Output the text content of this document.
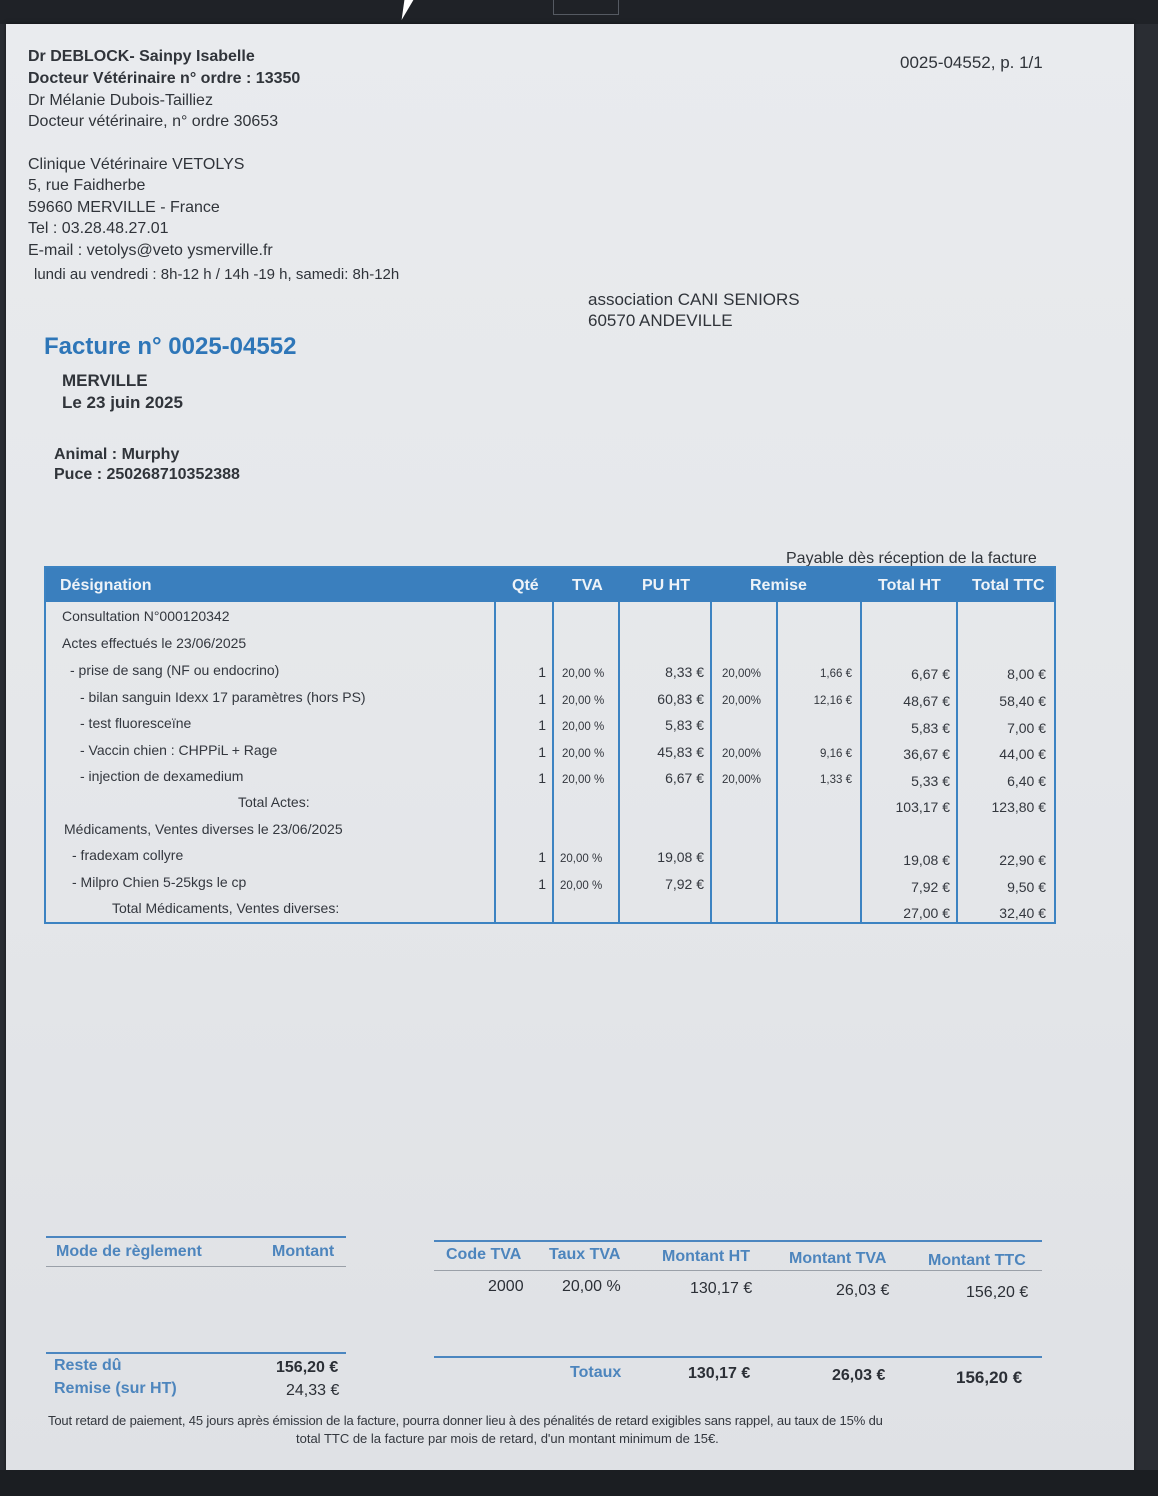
Dr DEBLOCK- Sainpy Isabelle
Docteur Vétérinaire n° ordre : 13350
Dr Mélanie Dubois-Tailliez
Docteur vétérinaire, n° ordre 30653
0025-04552, p. 1/1
Clinique Vétérinaire VETOLYS
5, rue Faidherbe
59660 MERVILLE - France
Tel : 03.28.48.27.01
E-mail : vetolys@veto ysmerville.fr
lundi au vendredi : 8h-12 h / 14h -19 h, samedi: 8h-12h
association CANI SENIORS
60570 ANDEVILLE
Facture n° 0025-04552
MERVILLE
Le 23 juin 2025
Animal : Murphy
Puce : 250268710352388
Payable dès réception de la facture
Désignation	Qté TVA PU HT	Remise	Total HT Total TTC
Consultation N°000120342
Actes effectués le 23/06/2025
- prise de sang (NF ou endocrino)	1 20,00 %	8,33 € 20,00%	1,66 €	6,67 €	8,00 €
- bilan sanguin Idexx 17 paramètres (hors PS)	1 20,00 %	60,83 € 20,00%	12,16 €	48,67 €	58,40 €
- test fluoresceïne	1 20,00 %	5,83 €	5,83 €	7,00 €
- Vaccin chien : CHPPiL + Rage	1 20,00 %	45,83 € 20,00%	9,16 €	36,67 €	44,00 €
- injection de dexamedium	1 20,00 %	6,67 € 20,00%	1,33 €	5,33 €	6,40 €
Total Actes:	103,17 €	123,80 €
Médicaments, Ventes diverses le 23/06/2025
- fradexam collyre	1 20,00 %	19,08 €	19,08 €	22,90 €
- Milpro Chien 5-25kgs le cp	1 20,00 %	7,92 €	7,92 €	9,50 €
Total Médicaments, Ventes diverses:	27,00 €	32,40 €
Mode de règlement	Montant
Reste dû	156,20 €
Remise (sur HT)	24,33 €
Code TVA Taux TVA	Montant HT Montant TVA	Montant TTC
2000 20,00 %	130,17 €	26,03 €	156,20 €
Totaux	130,17 €	26,03 €	156,20 €
Tout retard de paiement, 45 jours après émission de la facture, pourra donner lieu à des pénalités de retard exigibles sans rappel, au taux de 15% du
total TTC de la facture par mois de retard, d'un montant minimum de 15€.
